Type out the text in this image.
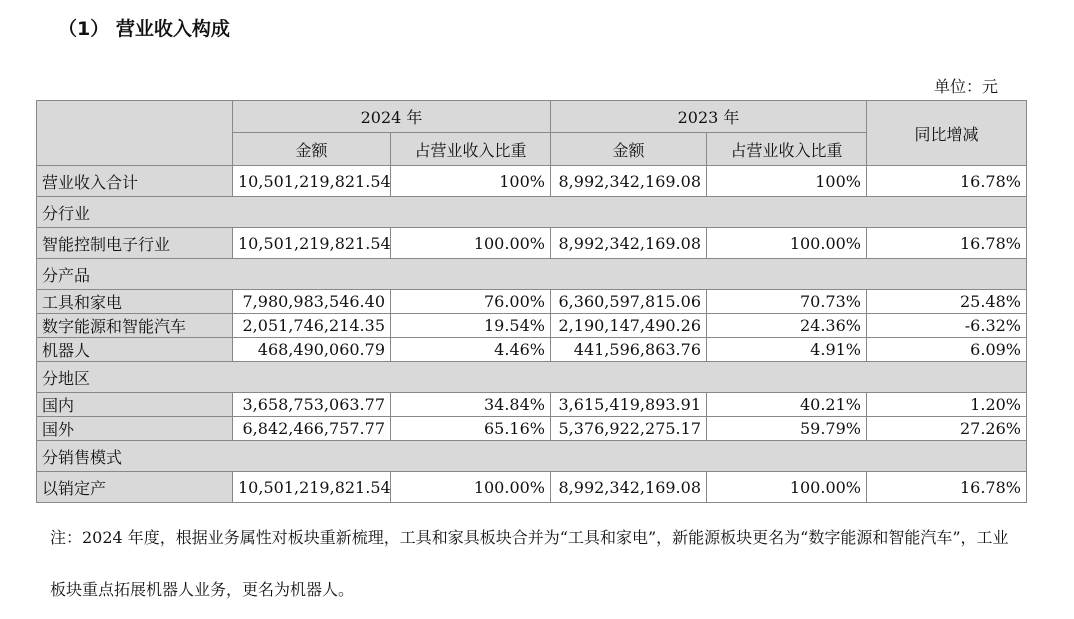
（1） 营业收入构成
单位：元
	2024 年		2023 年		同比增减
	金额	占营业收入比重	金额	占营业收入比重	
营业收入合计	10,501,219,821.54	100%	8,992,342,169.08	100%	16.78%
分行业					
智能控制电子行业	10,501,219,821.54	100.00%	8,992,342,169.08	100.00%	16.78%
分产品					
工具和家电	7,980,983,546.40	76.00%	6,360,597,815.06	70.73%	25.48%
数字能源和智能汽车	2,051,746,214.35	19.54%	2,190,147,490.26	24.36%	-6.32%
机器人	468,490,060.79	4.46%	441,596,863.76	4.91%	6.09%
分地区					
国内	3,658,753,063.77	34.84%	3,615,419,893.91	40.21%	1.20%
国外	6,842,466,757.77	65.16%	5,376,922,275.17	59.79%	27.26%
分销售模式					
以销定产	10,501,219,821.54	100.00%	8,992,342,169.08	100.00%	16.78%
注：2024 年度，根据业务属性对板块重新梳理，工具和家具板块合并为“工具和家电”，新能源板块更名为“数字能源和智能汽车”，工业板块重点拓展机器人业务，更名为机器人。
